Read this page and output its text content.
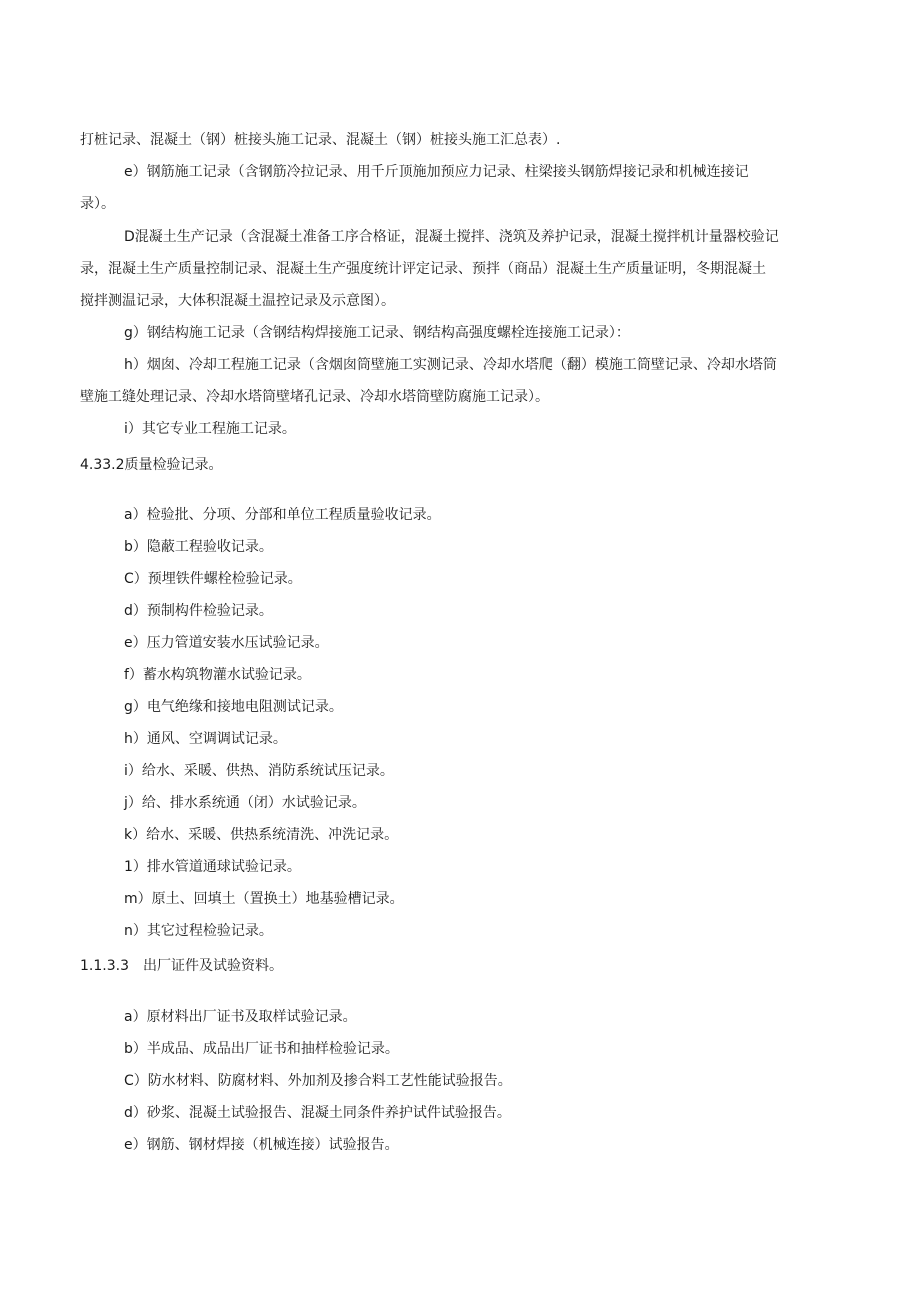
打桩记录、混凝土（钢）桩接头施工记录、混凝土（钢）桩接头施工汇总表）.
e）钢筋施工记录（含钢筋冷拉记录、用千斤顶施加预应力记录、柱梁接头钢筋焊接记录和机械连接记
录）。
D混凝土生产记录（含混凝土准备工序合格证，混凝土搅拌、浇筑及养护记录，混凝土搅拌机计量器校验记
录，混凝土生产质量控制记录、混凝土生产强度统计评定记录、预拌（商品）混凝土生产质量证明，冬期混凝土
搅拌测温记录，大体积混凝土温控记录及示意图）。
g）钢结构施工记录（含钢结构焊接施工记录、钢结构高强度螺栓连接施工记录）：
h）烟囱、冷却工程施工记录（含烟囱筒壁施工实测记录、冷却水塔爬（翻）模施工筒壁记录、冷却水塔筒
壁施工缝处理记录、冷却水塔筒壁堵孔记录、冷却水塔筒壁防腐施工记录）。
i）其它专业工程施工记录。
4.33.2质量检验记录。
a）检验批、分项、分部和单位工程质量验收记录。
b）隐蔽工程验收记录。
C）预埋铁件螺栓检验记录。
d）预制构件检验记录。
e）压力管道安装水压试验记录。
f）蓄水构筑物灌水试验记录。
g）电气绝缘和接地电阻测试记录。
h）通风、空调调试记录。
i）给水、采暖、供热、消防系统试压记录。
j）给、排水系统通（闭）水试验记录。
k）给水、采暖、供热系统清洗、冲洗记录。
1）排水管道通球试验记录。
m）原土、回填土（置换土）地基验槽记录。
n）其它过程检验记录。
1.1.3.3　出厂证件及试验资料。
a）原材料出厂证书及取样试验记录。
b）半成品、成品出厂证书和抽样检验记录。
C）防水材料、防腐材料、外加剂及掺合料工艺性能试验报告。
d）砂浆、混凝土试验报告、混凝土同条件养护试件试验报告。
e）钢筋、钢材焊接（机械连接）试验报告。
